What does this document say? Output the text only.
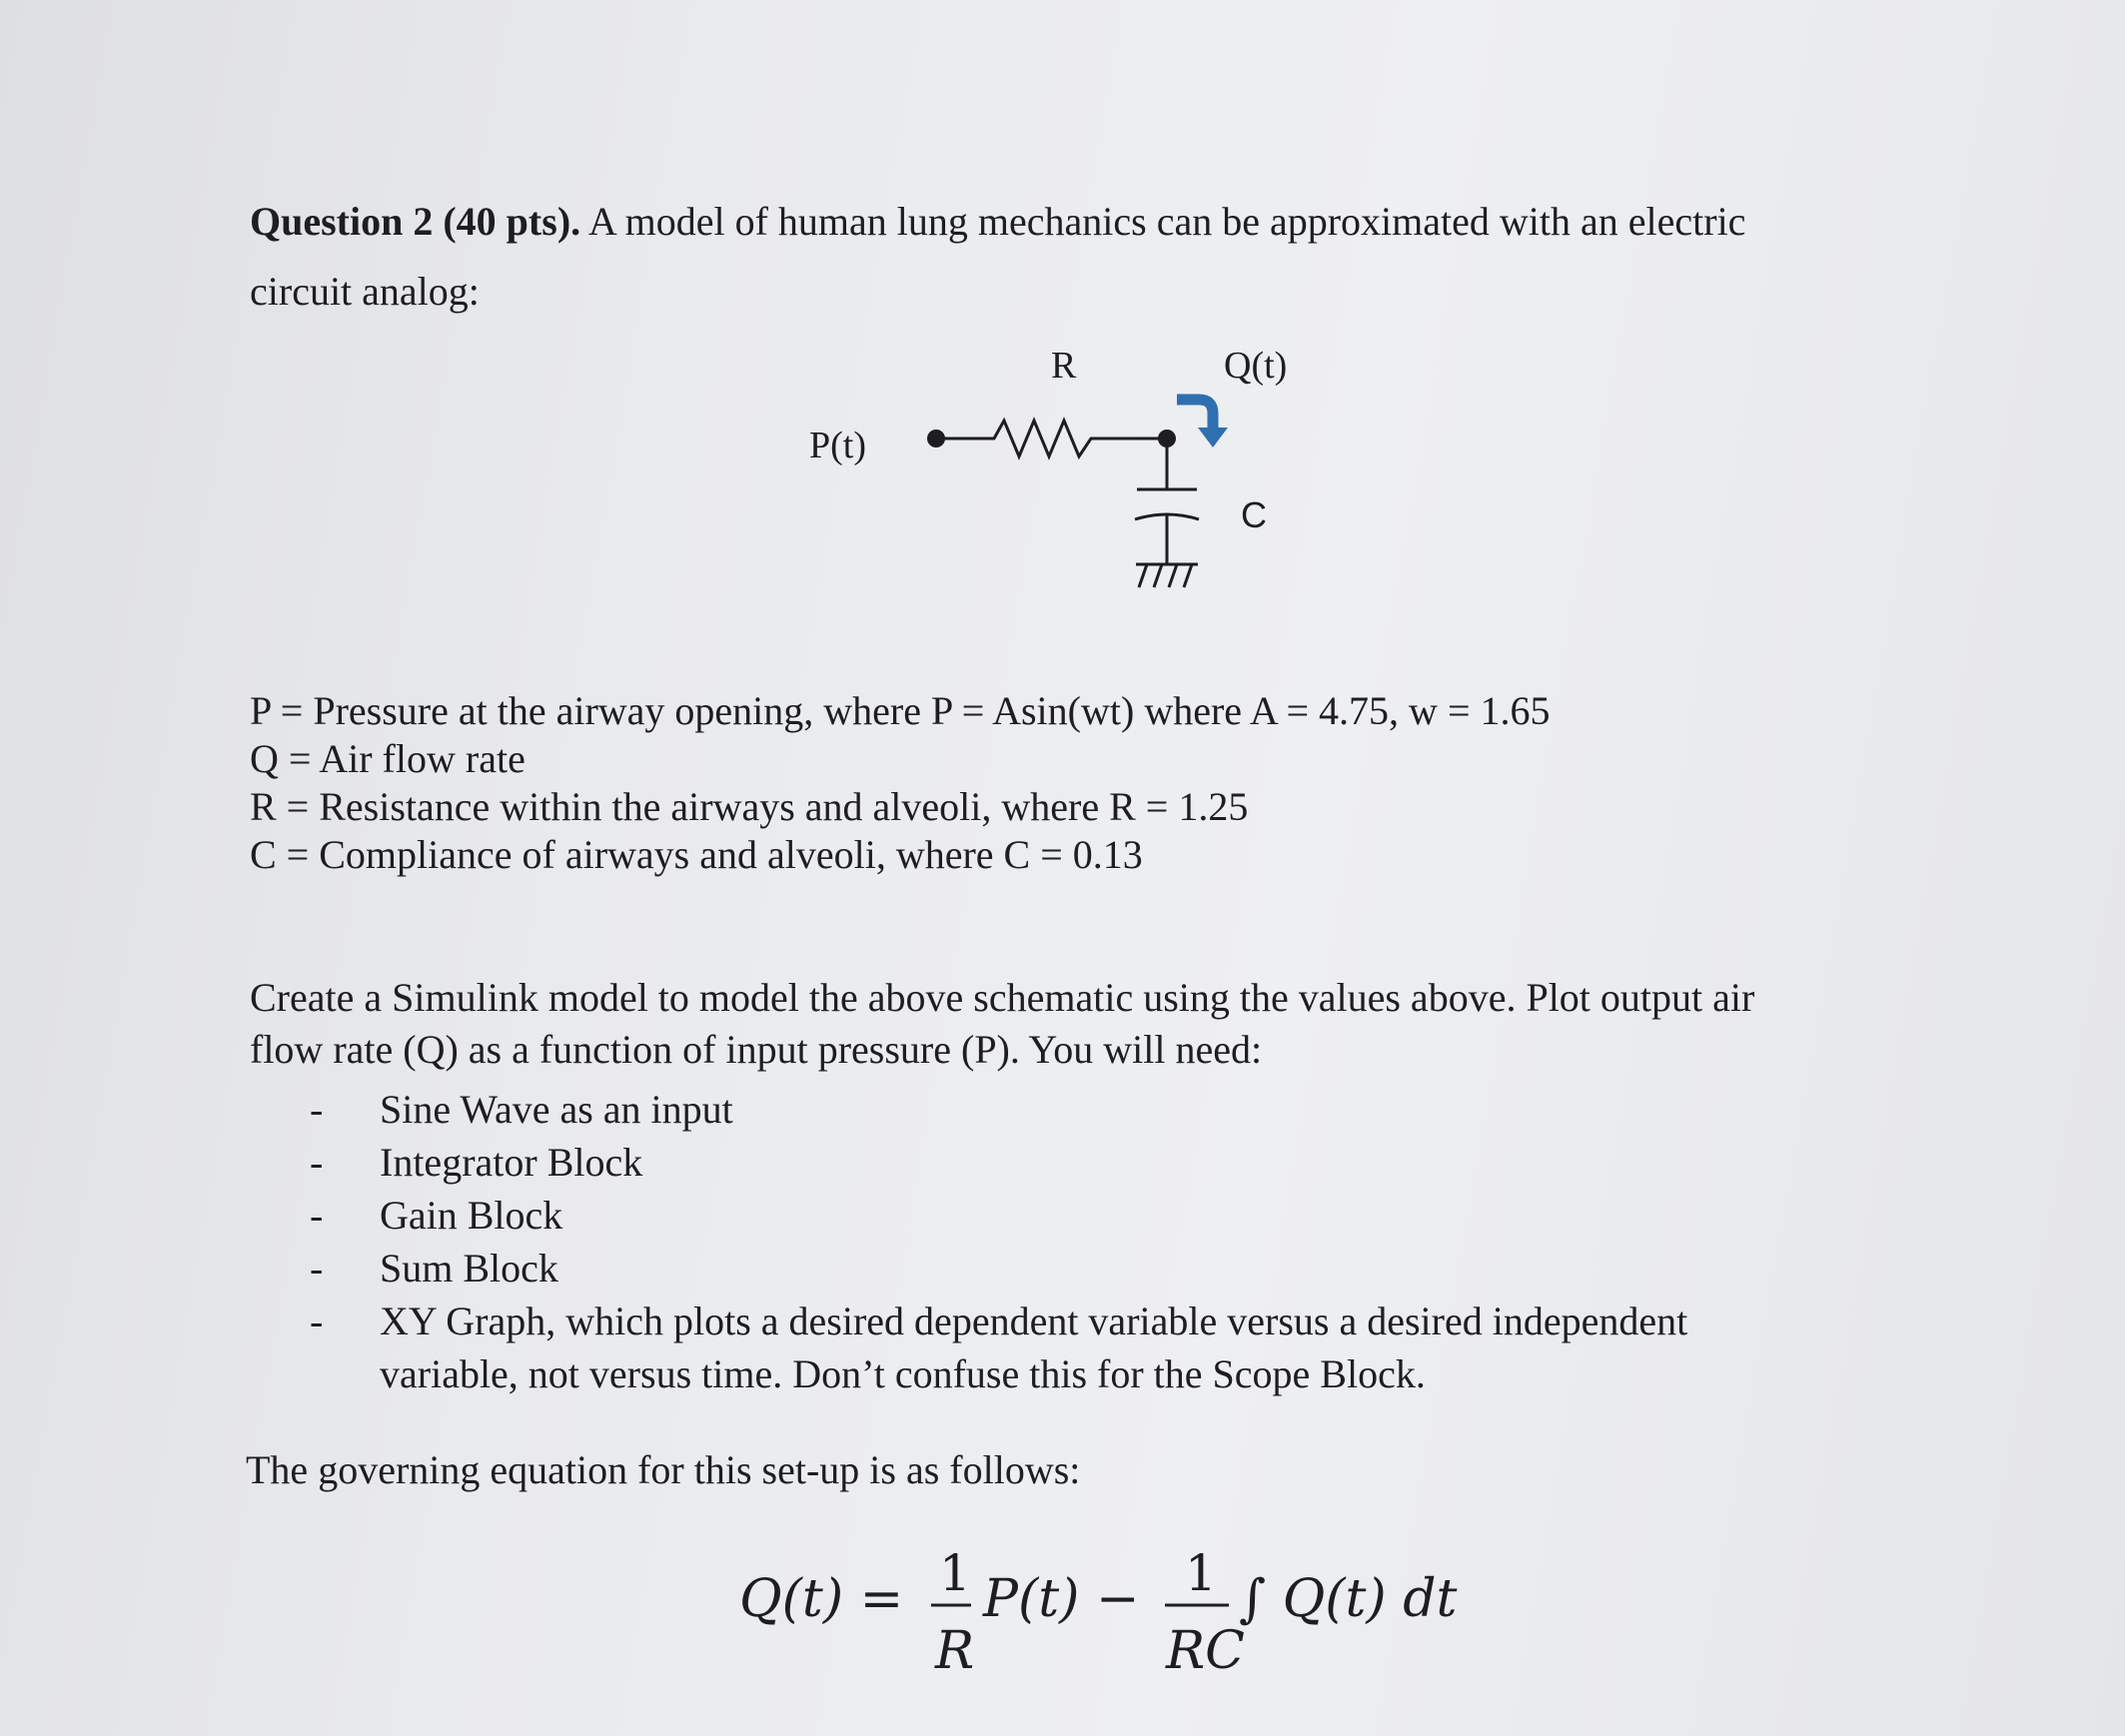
Question 2 (40 pts). A model of human lung mechanics can be approximated with an electric
circuit analog:
P(t)
R	Q(t)
C
P = Pressure at the airway opening, where P = Asin(wt) where A = 4.75, w = 1.65
Q = Air flow rate
R = Resistance within the airways and alveoli, where R = 1.25
C = Compliance of airways and alveoli, where C = 0.13
Create a Simulink model to model the above schematic using the values above. Plot output air
flow rate (Q) as a function of input pressure (P). You will need:
- Sine Wave as an input
- Integrator Block
- Gain Block
- Sum Block
- XY Graph, which plots a desired dependent variable versus a desired independent
variable, not versus time. Don’t confuse this for the Scope Block.
The governing equation for this set-up is as follows:
Q(t) = 1
R
P(t) − 1
RC
∫ Q(t) dt
